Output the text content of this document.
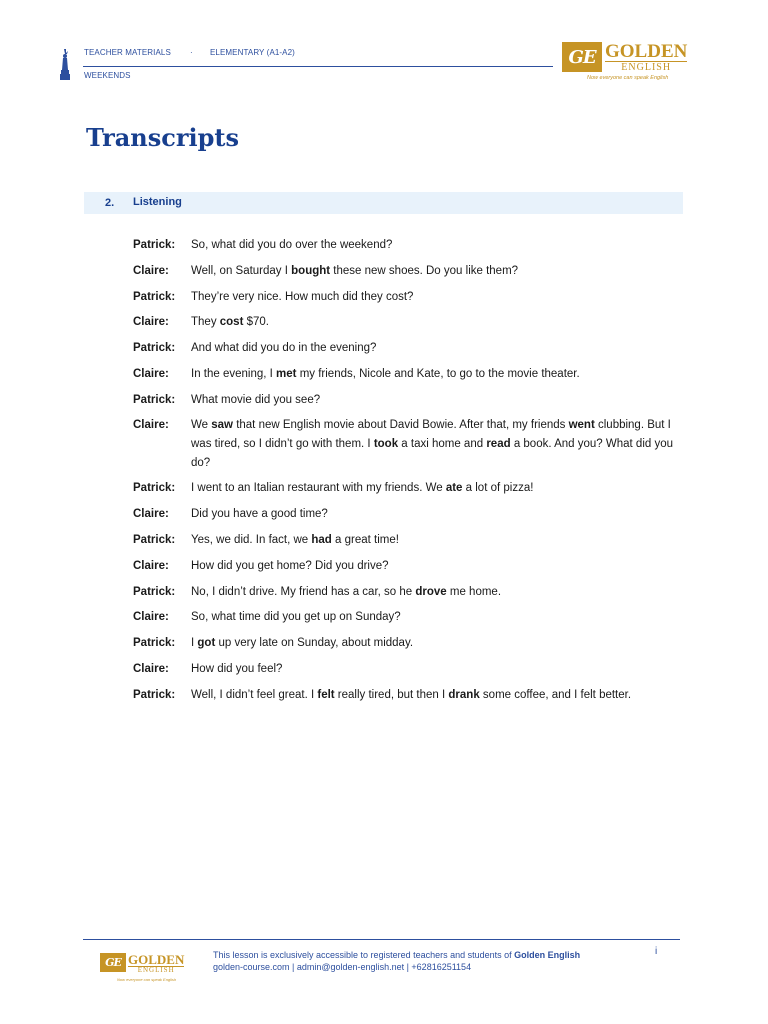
TEACHER MATERIALS · ELEMENTARY (A1-A2)
WEEKENDS
GE GOLDEN
ENGLISH
Now everyone can speak English
Transcripts
2. Listening
Patrick:	So, what did you do over the weekend?
Claire:	Well, on Saturday I bought these new shoes. Do you like them?
Patrick:	They’re very nice. How much did they cost?
Claire:	They cost $70.
Patrick:	And what did you do in the evening?
Claire:	In the evening, I met my friends, Nicole and Kate, to go to the movie theater.
Patrick:	What movie did you see?
Claire:	We saw that new English movie about David Bowie. After that, my friends went clubbing. But I was tired, so I didn’t go with them. I took a taxi home and read a book. And you? What did you do?
Patrick:	I went to an Italian restaurant with my friends. We ate a lot of pizza!
Claire:	Did you have a good time?
Patrick:	Yes, we did. In fact, we had a great time!
Claire:	How did you get home? Did you drive?
Patrick:	No, I didn’t drive. My friend has a car, so he drove me home.
Claire:	So, what time did you get up on Sunday?
Patrick:	I got up very late on Sunday, about midday.
Claire:	How did you feel?
Patrick:	Well, I didn’t feel great. I felt really tired, but then I drank some coffee, and I felt better.
GE GOLDEN
ENGLISH
Now everyone can speak English
This lesson is exclusively accessible to registered teachers and students of Golden English
golden-course.com | admin@golden-english.net | +62816251154
i
